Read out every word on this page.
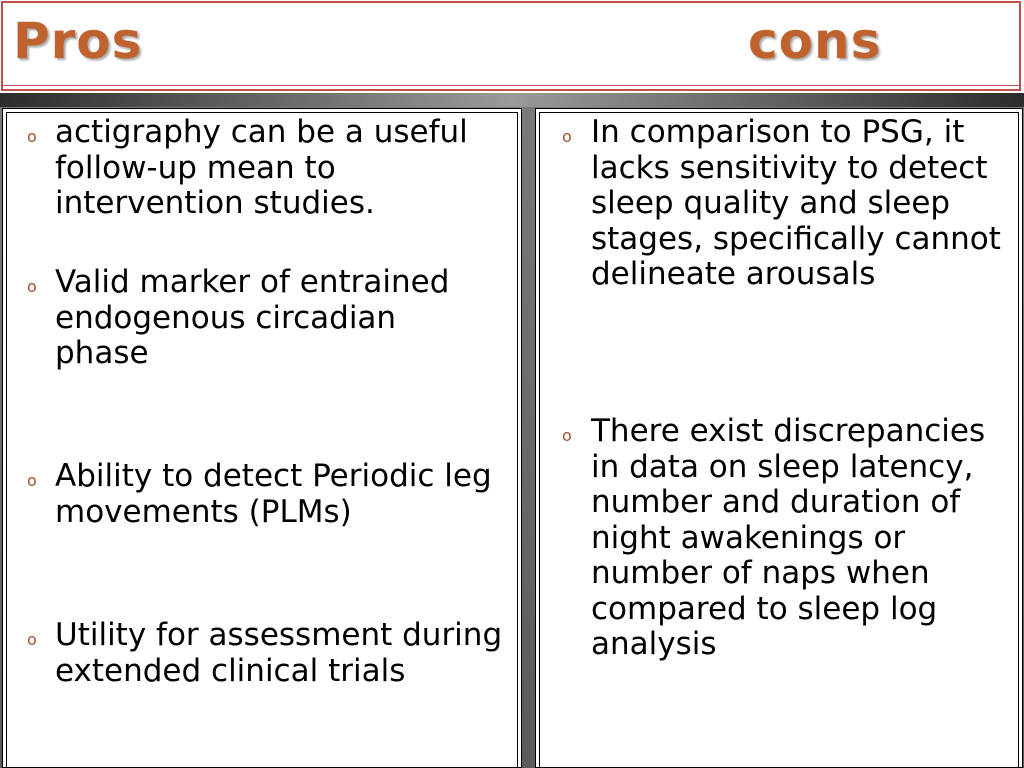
Pros	cons
o actigraphy can be a useful follow-up mean to intervention studies.

o Valid marker of entrained endogenous circadian phase

o Ability to detect Periodic leg movements (PLMs)

o Utility for assessment during extended clinical trials

o In comparison to PSG, it lacks sensitivity to detect sleep quality and sleep stages, specifically cannot delineate arousals

o There exist discrepancies in data on sleep latency, number and duration of night awakenings or number of naps when compared to sleep log analysis
